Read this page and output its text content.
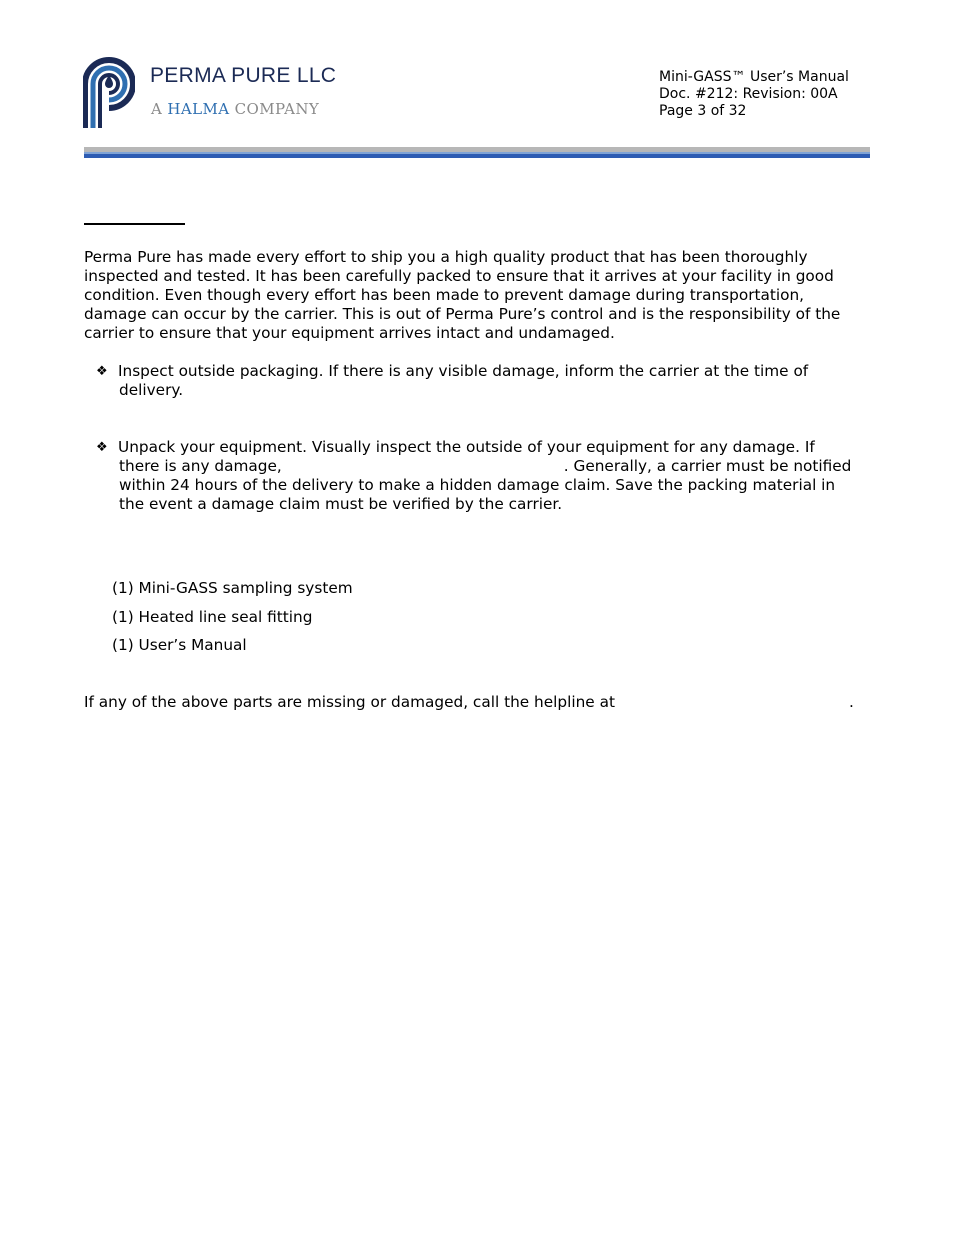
PERMA PURE LLC
A HALMA COMPANY
Mini-GASS™ User’s Manual
Doc. #212: Revision: 00A
Page 3 of 32
Perma Pure has made every effort to ship you a high quality product that has been thoroughly
inspected and tested. It has been carefully packed to ensure that it arrives at your facility in good
condition. Even though every effort has been made to prevent damage during transportation,
damage can occur by the carrier. This is out of Perma Pure’s control and is the responsibility of the
carrier to ensure that your equipment arrives intact and undamaged.
❖ Inspect outside packaging. If there is any visible damage, inform the carrier at the time of
delivery.
❖ Unpack your equipment. Visually inspect the outside of your equipment for any damage. If
there is any damage,	. Generally, a carrier must be notified
within 24 hours of the delivery to make a hidden damage claim. Save the packing material in
the event a damage claim must be verified by the carrier.
(1) Mini-GASS sampling system
(1) Heated line seal fitting
(1) User’s Manual
If any of the above parts are missing or damaged, call the helpline at	.
